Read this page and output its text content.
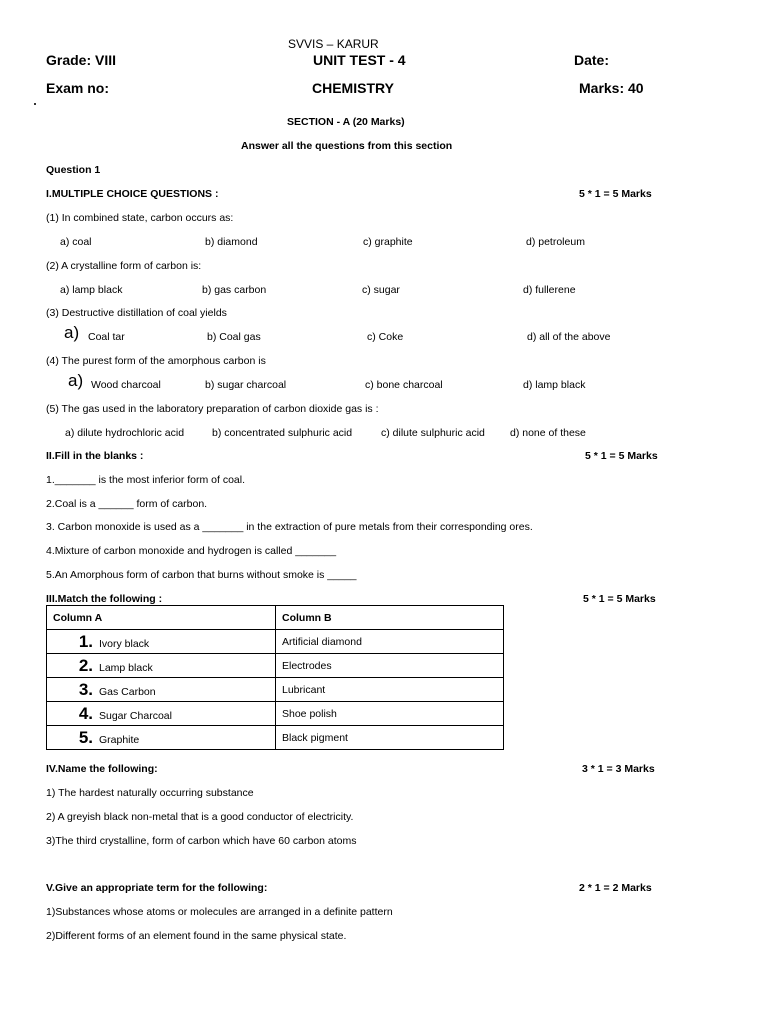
SVVIS – KARUR
Grade: VIII	UNIT TEST - 4	Date:
Exam no:	CHEMISTRY	Marks: 40
SECTION - A (20 Marks)
Answer all the questions from this section
Question 1
I.MULTIPLE CHOICE QUESTIONS :	5 * 1 = 5 Marks
(1) In combined state, carbon occurs as:
a) coal	b) diamond	c) graphite	d) petroleum
(2) A crystalline form of carbon is:
a) lamp black	b) gas carbon	c) sugar	d) fullerene
(3) Destructive distillation of coal yields
a) Coal tar	b) Coal gas	c) Coke	d) all of the above
(4) The purest form of the amorphous carbon is
a) Wood charcoal	b) sugar charcoal	c) bone charcoal	d) lamp black
(5) The gas used in the laboratory preparation of carbon dioxide gas is :
a) dilute hydrochloric acid	b) concentrated sulphuric acid	c) dilute sulphuric acid d) none of these
II.Fill in the blanks :	5 * 1 = 5 Marks
1._______ is the most inferior form of coal.
2.Coal is a ______ form of carbon.
3. Carbon monoxide is used as a _______ in the extraction of pure metals from their corresponding ores.
4.Mixture of carbon monoxide and hydrogen is called _______
5.An Amorphous form of carbon that burns without smoke is _____
III.Match the following :	5 * 1 = 5 Marks
Column A	Column B
1. Ivory black	Artificial diamond
2. Lamp black	Electrodes
3. Gas Carbon	Lubricant
4. Sugar Charcoal	Shoe polish
5. Graphite	Black pigment
IV.Name the following:	3 * 1 = 3 Marks
1) The hardest naturally occurring substance
2) A greyish black non-metal that is a good conductor of electricity.
3)The third crystalline, form of carbon which have 60 carbon atoms
V.Give an appropriate term for the following:	2 * 1 = 2 Marks
1)Substances whose atoms or molecules are arranged in a definite pattern
2)Different forms of an element found in the same physical state.
